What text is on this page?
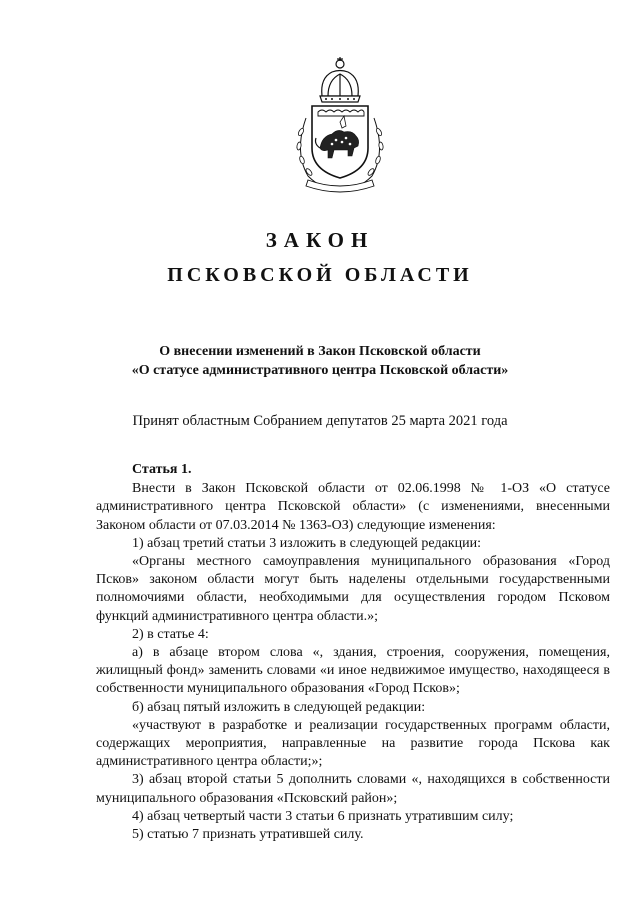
ЗАКОН
ПСКОВСКОЙ ОБЛАСТИ
О внесении изменений в Закон Псковской области
«О статусе административного центра Псковской области»
Принят областным Собранием депутатов 25 марта 2021 года
Статья 1.

Внести в Закон Псковской области от 02.06.1998 № 1-ОЗ «О статусе административного центра Псковской области» (с изменениями, внесенными Законом области от 07.03.2014 № 1363-ОЗ) следующие изменения:

1) абзац третий статьи 3 изложить в следующей редакции:

«Органы местного самоуправления муниципального образования «Город Псков» законом области могут быть наделены отдельными государственными полномочиями области, необходимыми для осуществления городом Псковом функций административного центра области.»;

2) в статье 4:

а) в абзаце втором слова «, здания, строения, сооружения, помещения, жилищный фонд» заменить словами «и иное недвижимое имущество, находящееся в собственности муниципального образования «Город Псков»;

б) абзац пятый изложить в следующей редакции:

«участвуют в разработке и реализации государственных программ области, содержащих мероприятия, направленные на развитие города Пскова как административного центра области;»;

3) абзац второй статьи 5 дополнить словами «, находящихся в собственности муниципального образования «Псковский район»;

4) абзац четвертый части 3 статьи 6 признать утратившим силу;

5) статью 7 признать утратившей силу.
